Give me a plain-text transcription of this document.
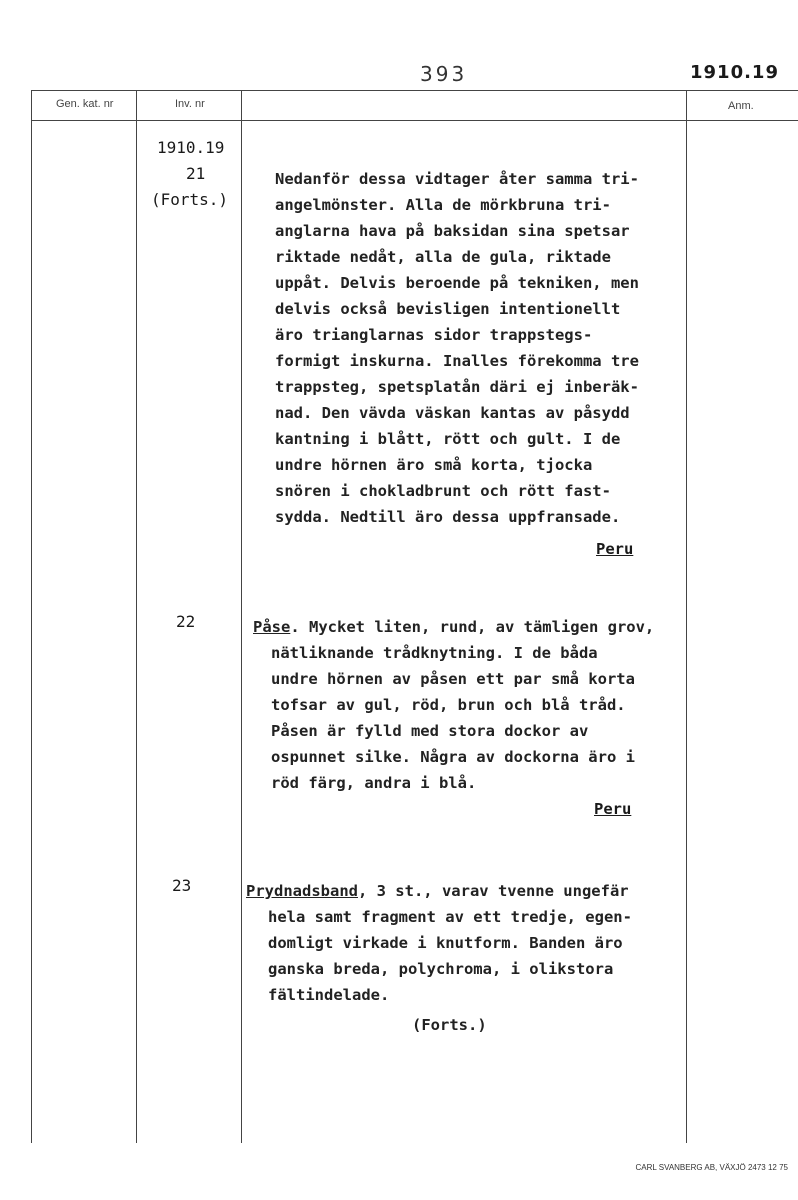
393	1910.19
Gen. kat. nr	Inv. nr	Anm.
1910.19
21
(Forts.)
Nedanför dessa vidtager åter samma tri-
angelmönster. Alla de mörkbruna tri-
anglarna hava på baksidan sina spetsar
riktade nedåt, alla de gula, riktade
uppåt. Delvis beroende på tekniken, men
delvis också bevisligen intentionellt
äro trianglarnas sidor trappstegs-
formigt inskurna. Inalles förekomma tre
trappsteg, spetsplatån däri ej inberäk-
nad. Den vävda väskan kantas av påsydd
kantning i blått, rött och gult. I de
undre hörnen äro små korta, tjocka
snören i chokladbrunt och rött fast-
sydda. Nedtill äro dessa uppfransade.
Peru
22	Påse. Mycket liten, rund, av tämligen grov,
nätliknande trådknytning. I de båda
undre hörnen av påsen ett par små korta
tofsar av gul, röd, brun och blå tråd.
Påsen är fylld med stora dockor av
ospunnet silke. Några av dockorna äro i
röd färg, andra i blå.
Peru
23	Prydnadsband, 3 st., varav tvenne ungefär
hela samt fragment av ett tredje, egen-
domligt virkade i knutform. Banden äro
ganska breda, polychroma, i olikstora
fältindelade.
(Forts.)
CARL SVANBERG AB, VÄXJÖ 2473 12 75
